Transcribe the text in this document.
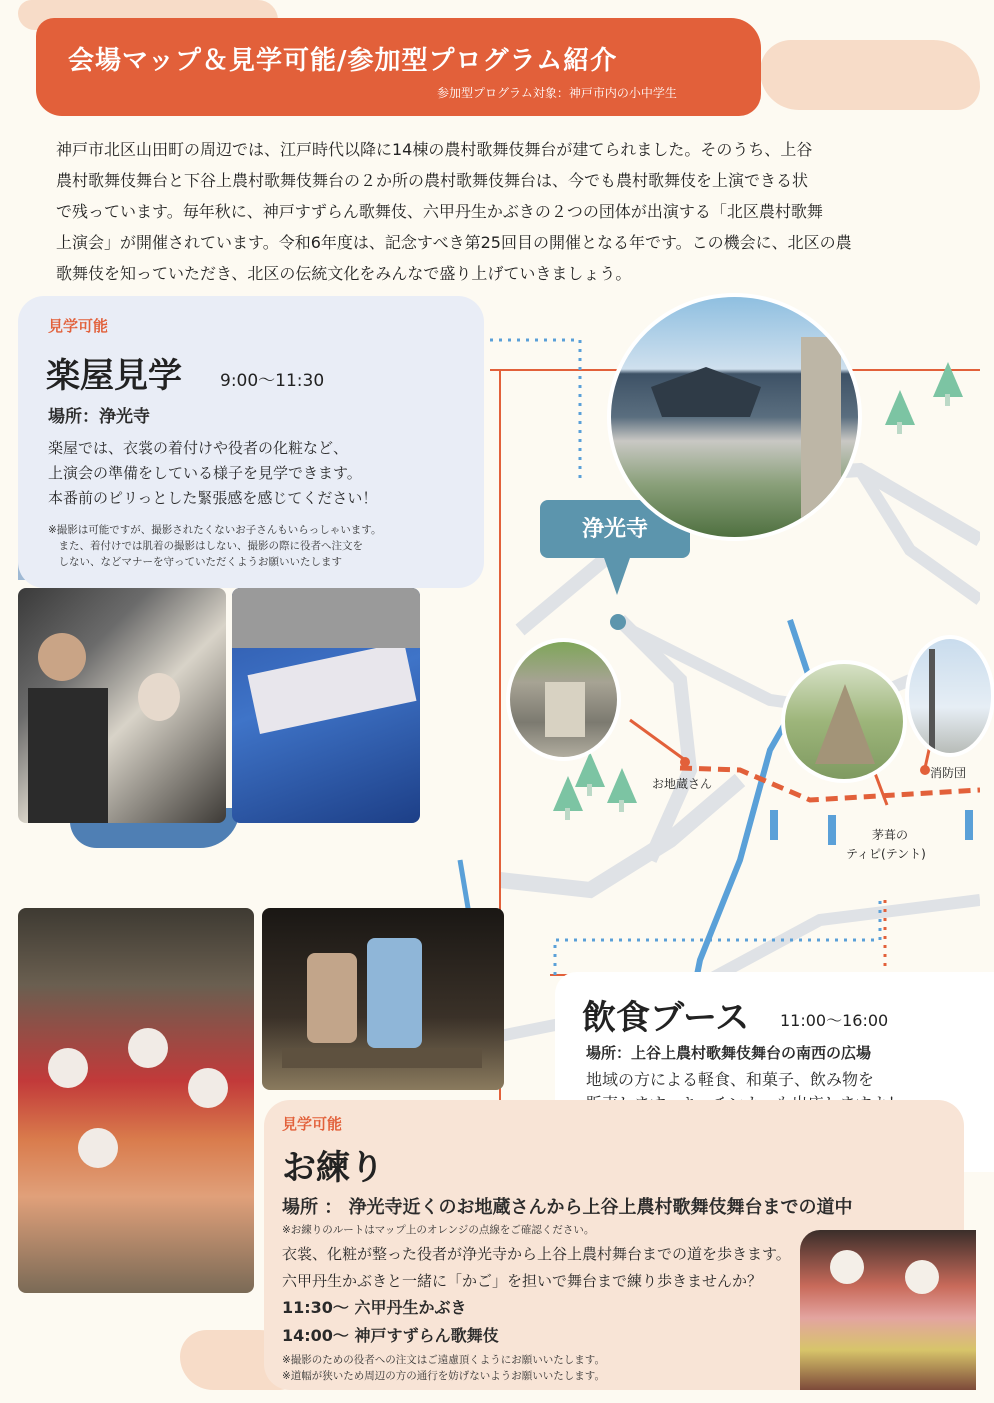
会場マップ＆見学可能/参加型プログラム紹介
参加型プログラム対象：神戸市内の小中学生
神戸市北区山田町の周辺では、江戸時代以降に14棟の農村歌舞伎舞台が建てられました。そのうち、上谷
農村歌舞伎舞台と下谷上農村歌舞伎舞台の２か所の農村歌舞伎舞台は、今でも農村歌舞伎を上演できる状
で残っています。毎年秋に、神戸すずらん歌舞伎、六甲丹生かぶきの２つの団体が出演する「北区農村歌舞
上演会」が開催されています。令和6年度は、記念すべき第25回目の開催となる年です。この機会に、北区の農
歌舞伎を知っていただき、北区の伝統文化をみんなで盛り上げていきましょう。
浄光寺
お地蔵さん
茅葺の
ティピ(テント)
消防団
見学可能
楽屋見学 9:00〜11:30
場所：浄光寺
楽屋では、衣裳の着付けや役者の化粧など、
上演会の準備をしている様子を見学できます。
本番前のピリっとした緊張感を感じてください！
※撮影は可能ですが、撮影されたくないお子さんもいらっしゃいます。
　また、着付けでは肌着の撮影はしない、撮影の際に役者へ注文を
　しない、などマナーを守っていただくようお願いいたします
飲食ブース 11:00〜16:00
場所：上谷上農村歌舞伎舞台の南西の広場
地域の方による軽食、和菓子、飲み物を
見学可能
お練り
場所 ： 浄光寺近くのお地蔵さんから上谷上農村歌舞伎舞台までの道中
※お練りのルートはマップ上のオレンジの点線をご確認ください。
衣裳、化粧が整った役者が浄光寺から上谷上農村舞台までの道を歩きます。
六甲丹生かぶきと一緒に「かご」を担いで舞台まで練り歩きませんか？
11:30〜 六甲丹生かぶき
14:00〜 神戸すずらん歌舞伎
※撮影のための役者への注文はご遠慮頂くようにお願いいたします。
※道幅が狭いため周辺の方の通行を妨げないようお願いいたします。
